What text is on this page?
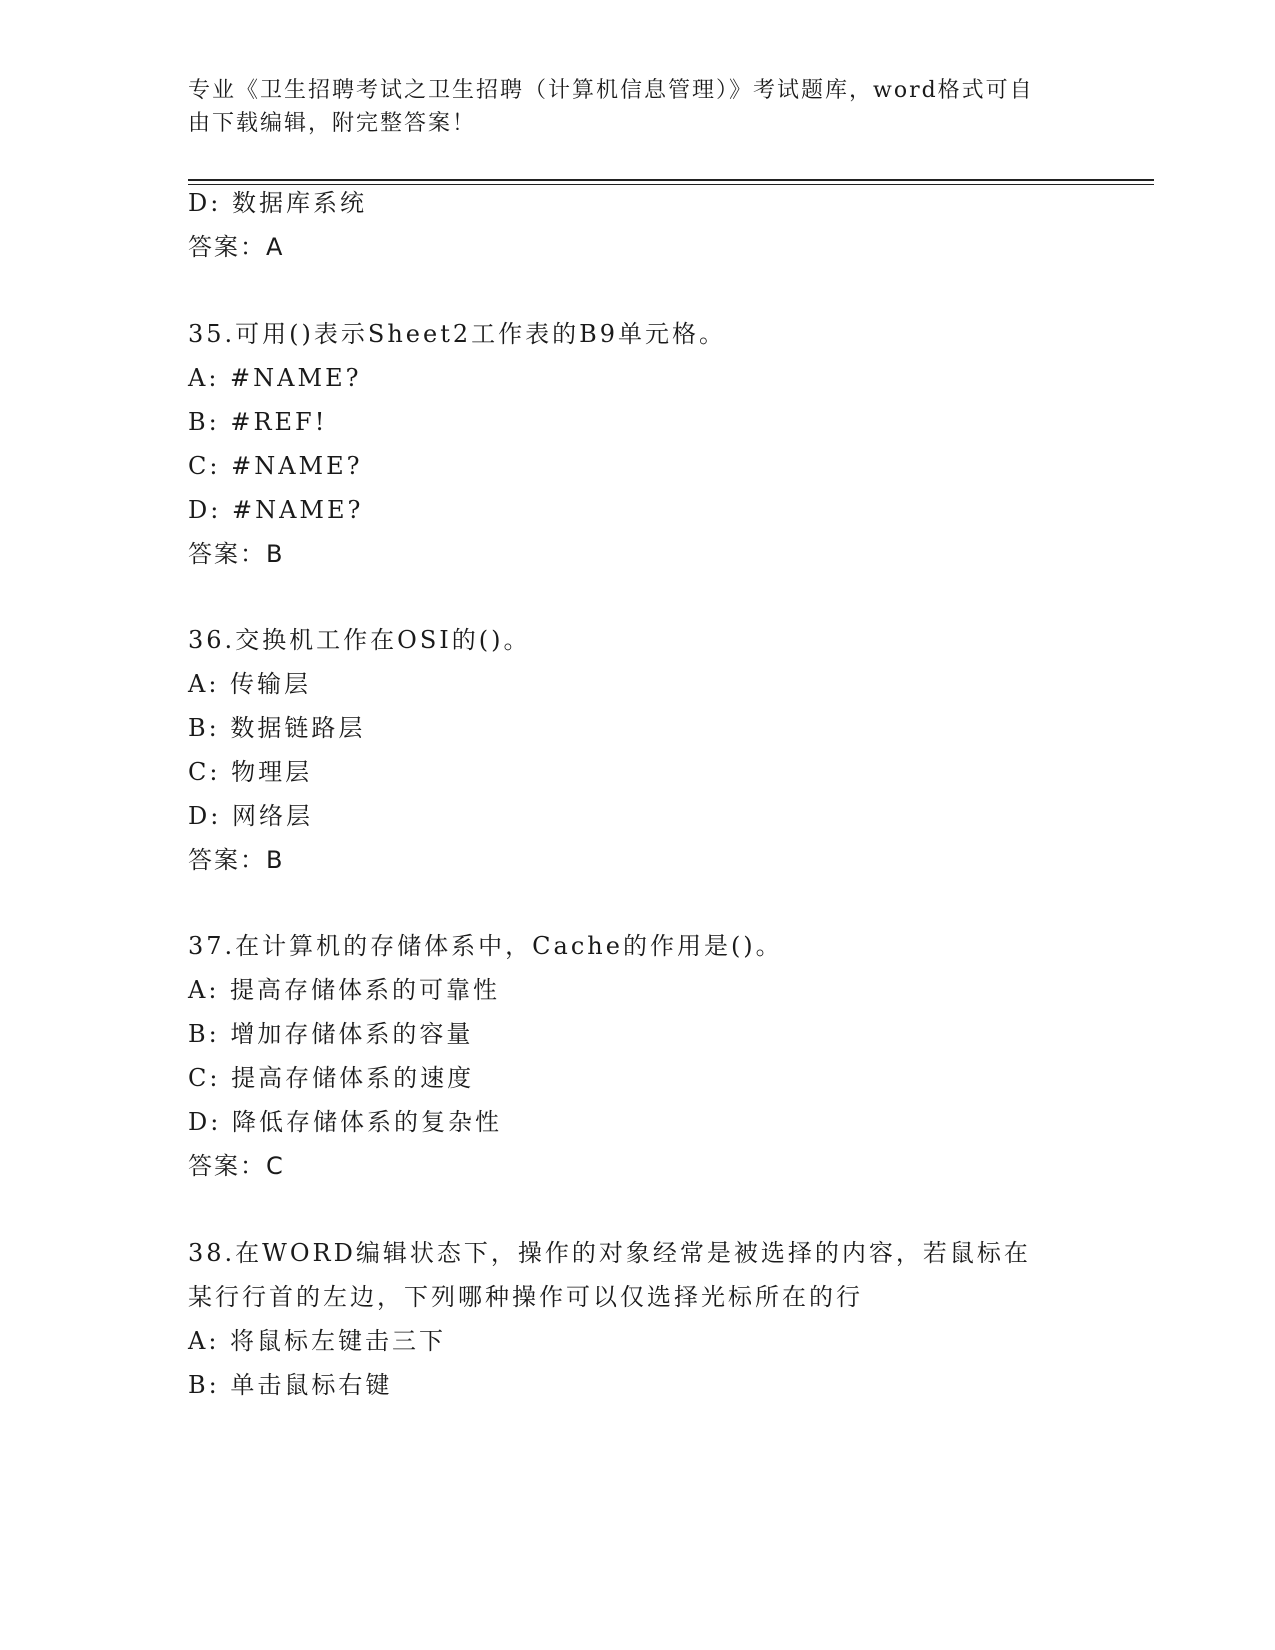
专业《卫生招聘考试之卫生招聘（计算机信息管理）》考试题库，word格式可自
由下载编辑，附完整答案！
D: 数据库系统
答案：A
35.可用()表示Sheet2工作表的B9单元格。
A: #NAME?
B: #REF!
C: #NAME?
D: #NAME?
答案：B
36.交换机工作在OSI的()。
A: 传输层
B: 数据链路层
C: 物理层
D: 网络层
答案：B
37.在计算机的存储体系中，Cache的作用是()。
A: 提高存储体系的可靠性
B: 增加存储体系的容量
C: 提高存储体系的速度
D: 降低存储体系的复杂性
答案：C
38.在WORD编辑状态下，操作的对象经常是被选择的内容，若鼠标在
某行行首的左边，下列哪种操作可以仅选择光标所在的行
A: 将鼠标左键击三下
B: 单击鼠标右键
